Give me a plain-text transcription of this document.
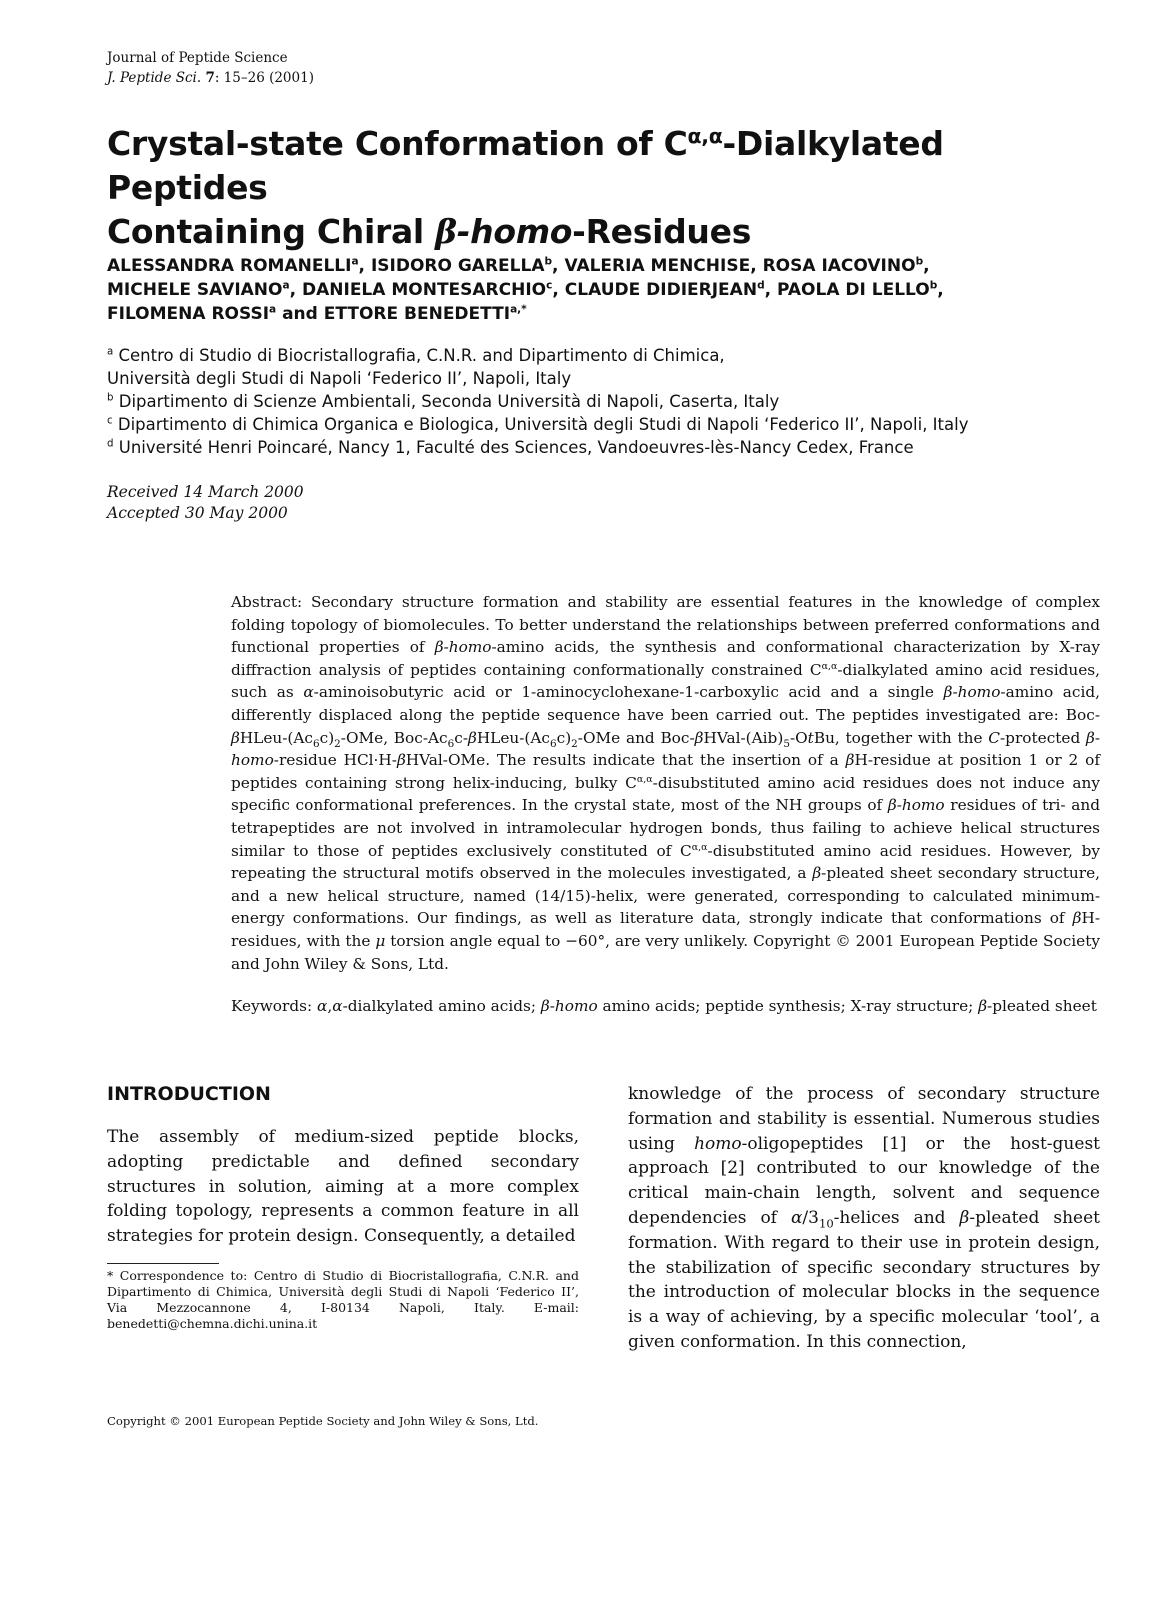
Journal of Peptide Science
J. Peptide Sci. 7: 15–26 (2001)
Crystal-state Conformation of $C^{\alpha,\alpha}$-Dialkylated Peptides
Containing Chiral β-homo-Residues
ALESSANDRA ROMANELLI$^a$, ISIDORO GARELLA$^b$, VALERIA MENCHISE, ROSA IACOVINO$^b$,
MICHELE SAVIANO$^a$, DANIELA MONTESARCHIO$^c$, CLAUDE DIDIERJEAN$^d$, PAOLA DI LELLO$^b$,
FILOMENA ROSSI$^a$ and ETTORE $BENEDETTI^{a,*}$
$^a$ Centro di Studio di Biocristallografia, C.N.R. and Dipartimento di Chimica,
Università degli Studi di Napoli ‘Federico II’, Napoli, Italy
$^b$ Dipartimento di Scienze Ambientali, Seconda Università di Napoli, Caserta, Italy
$^c$ Dipartimento di Chimica Organica e Biologica, Università degli Studi di Napoli ‘Federico II’, Napoli, Italy
$^d$ Université Henri Poincaré, Nancy 1, Faculté des Sciences, Vandoeuvres-lès-Nancy Cedex, France
Received 14 March 2000
Accepted 30 May 2000

Abstract: Secondary structure formation and stability are essential features in the knowledge of complex folding topology of biomolecules. To better understand the relationships between preferred conformations and functional properties of β-homo-amino acids, the synthesis and conformational characterization by X-ray diffraction analysis of peptides containing conformationally constrained $C^{\alpha,\alpha}$-dialkylated amino acid residues, such as α-aminoisobutyric acid or 1-aminocyclohexane-1-carboxylic acid and a single β-homo-amino acid, differently displaced along the peptide sequence have been carried out. The peptides investigated are: Boc-$\beta HLeu-(Ac_6c)_2$-OMe, Boc-$Ac_6c-\beta HLeu-(Ac_6c)_2$-OMe and Boc-$\beta HVal-(Aib)_5$-OtBu, together with the C-protected β-homo-residue HCl·H-βHVal-OMe. The results indicate that the insertion of a βH-residue at position 1 or 2 of peptides containing strong helix-inducing, bulky $C^{\alpha,\alpha}$-disubstituted amino acid residues does not induce any specific conformational preferences. In the crystal state, most of the NH groups of β-homo residues of tri- and tetrapeptides are not involved in intramolecular hydrogen bonds, thus failing to achieve helical structures similar to those of peptides exclusively constituted of $C^{\alpha,\alpha}$-disubstituted amino acid residues. However, by repeating the structural motifs observed in the molecules investigated, a β-pleated sheet secondary structure, and a new helical structure, named (14/15)-helix, were generated, corresponding to calculated minimum-energy conformations. Our findings, as well as literature data, strongly indicate that conformations of βH-residues, with the μ torsion angle equal to −60°, are very unlikely. Copyright © 2001 European Peptide Society and John Wiley & Sons, Ltd.

Keywords: α,α-dialkylated amino acids; β-homo amino acids; peptide synthesis; X-ray structure; β-pleated sheet

INTRODUCTION

The assembly of medium-sized peptide blocks, adopting predictable and defined secondary structures in solution, aiming at a more complex folding topology, represents a common feature in all strategies for protein design. Consequently, a detailed

* Correspondence to: Centro di Studio di Biocristallografia, C.N.R. and Dipartimento di Chimica, Università degli Studi di Napoli ‘Federico II’, Via Mezzocannone 4, I-80134 Napoli, Italy. E-mail: benedetti@chemna.dichi.unina.it

knowledge of the process of secondary structure formation and stability is essential. Numerous studies using homo-oligopeptides [1] or the host-guest approach [2] contributed to our knowledge of the critical main-chain length, solvent and sequence dependencies of $\alpha/3_{10}$-helices and β-pleated sheet formation. With regard to their use in protein design, the stabilization of specific secondary structures by the introduction of molecular blocks in the sequence is a way of achieving, by a specific molecular ‘tool’, a given conformation. In this connection,

Copyright © 2001 European Peptide Society and John Wiley & Sons, Ltd.
